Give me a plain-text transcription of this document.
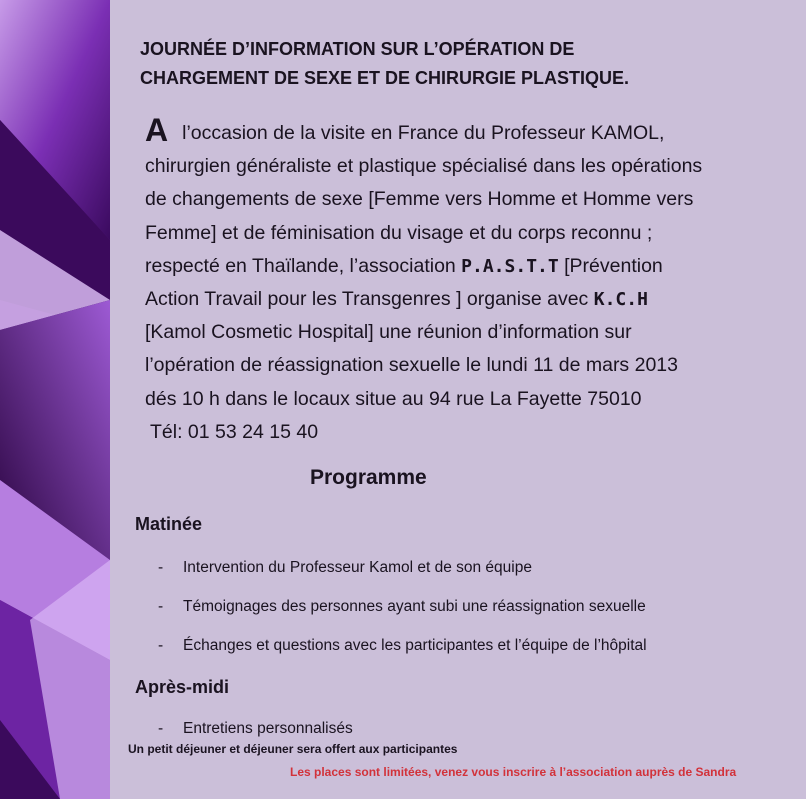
JOURNÉE D’INFORMATION SUR L’OPÉRATION DE
CHARGEMENT DE SEXE ET DE CHIRURGIE PLASTIQUE.
Al’occasion de la visite en France du Professeur KAMOL,
chirurgien généraliste et plastique spécialisé dans les opérations
de changements de sexe [Femme vers Homme et Homme vers
Femme] et de féminisation du visage et du corps reconnu ;
respecté en Thaïlande, l’association P.A.S.T.T [Prévention
Action Travail pour les Transgenres ] organise avec K.C.H
[Kamol Cosmetic Hospital] une réunion d’information sur
l’opération de réassignation sexuelle le lundi 11 de mars 2013
dés 10 h dans le locaux situe au 94 rue La Fayette 75010
Tél: 01 53 24 15 40
Programme
Matinée
- Intervention du Professeur Kamol et de son équipe
- Témoignages des personnes ayant subi une réassignation sexuelle
- Échanges et questions avec les participantes et l’équipe de l’hôpital
Après-midi
- Entretiens personnalisés
Un petit déjeuner et déjeuner sera offert aux participantes
Les places sont limitées, venez vous inscrire à l’association auprès de Sandra
